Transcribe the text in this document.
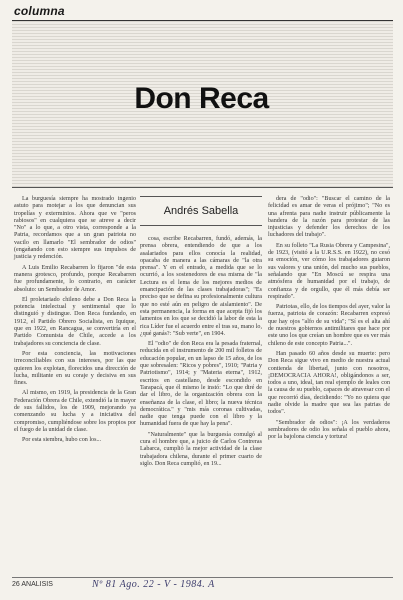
columna
Don Reca

La burguesía siempre ha mostrado ingenio astuto para motejar a los que denuncian sus tropelías y exterminios. Ahora que ve "peros rabiosos" en cualquiera que se atreve a decir "No" a lo que, a otro vista, corresponde a la Patria, recordamos que a un gran patriota no vacilo en llamarlo "El sembrador de odios" (engañando con esto siempre sus impulsos de justicia y redención.

A Luis Emilio Recabarren lo fijaron "de esta manera grotesco, profundo, porque Recabarren fue profundamente, lo contrario, en carácter absoluto: un Sembrador de Amor.

El proletariado chileno debe a Don Reca la potencia intelectual y sentimental que lo distinguió y distingue. Don Reca fundando, en 1912, el Partido Obrero Socialista, en Iquique, que en 1922, en Rancagua, se convertiría en el Partido Comunista de Chile, accede a los trabajadores su conciencia de clase.

Por esta conciencia, las motivaciones irreconciliables con sus intereses, por las que quieren los explotan, florecidos una dirección de lucha, militante en su coraje y decisiva en sus fines.

Al mismo, en 1919, la presidencia de la Gran Federación Obrera de Chile, extendió la in mayor de sus fallidos, los de 1909, mejorando ya comenzando su lucha y a iniciativa del compromiso, cumpliéndose sobre los propios por el fuego de la unidad de clase.

Por esta siembra, hubo con los...

Andrés Sabella

cosa, escribe Recabarren, fundó, además, la prensa obrera, entendiendo de que a los asalariados para ellos conocía la realidad, opacaba de manera a las cámaras de "la otra prensa". Y en el entrado, a medida que se lo ocurrió, a los sostenedores de esa misma de "la Lectura es el lema de los mejores medios de emancipación de las clases trabajadoras"; "Es preciso que se defina su profesionalmente cultura que no esté aún en peligro de aislamiento". De esta permanencia, la forma en que acepta fijó los lamentos en los que se decidió la labor de esta la rica Líder fue el acuerdo entre el tras su, mano lo, ¿qué ganás?: "Sub verte", en 1904.

El "odio" de don Reca era la pesada fraternal, reducida en el instrumento de 200 mil folletos de educación popular, en un lapso de 15 años, de los que sobresalen: "Ricos y pobres", 1910; "Patria y Patriotismo", 1914; y "Materia eterna", 1912, escritos en castellano, desde escondido en Tarapacá, que él mismo le instó: "Lo que diré de dar el libro, de la organización obrera con la enseñanza de la clase, el libro; la nueva técnica democrática." y "mis más coronas cultivadas, nadie que tenga puede con el libro y la humanidad fuera de que hay la pena".

"Naturalmente" que la burguesía comulgó al cura el hombre que, a juicio de Carlos Contreras Labarca, cumplió la mejor actividad de la clase trabajadora chilena, durante el primer cuarto de siglo. Don Reca cumplió, en 19...

dera de "odio": "Buscar el camino de la felicidad es amar de veras el prójimo"; "No es una afrenta para nadie instruir públicamente la bandera de la razón para protestar de las injusticias y defender los derechos de los luchadores del trabajo".

En su folleto "La Rusia Obrera y Campesina", de 1923, (visitó a la U.R.S.S. en 1922), no cesó su emoción, ver cómo los trabajadores guiaron sus valores y una unión, del mucho sus pueblos, señalando que "En Moscú se respira una atmósfera de humanidad por el trabajo, de confianza y de orgullo, que él más debía ser respirado".

Patriotas, ello, de los tiempos del ayer, valor la fuerza, patriota de corazón: Recabarren expresó que hay ojos "alfo de su vida"; "Sí es el alta ahí de nuestros gobiernos antimilitares que hace por este uno los que creían un hombre que es ver más chileno de este concepto Patria...".

Han pasado 60 años desde su muerte: pero Don Reca sigue vivo en medio de nuestra actual contienda de libertad, junto con nosotros, ¡DEMOCRACIA AHORA!, obligándonos a ser, todos a uno, ideal, tan real ejemplo de leales con la causa de su pueblo, capaces de atravesar con el que recorrió días, decidiendo: "Yo no quiera que nadie olvide la madre que sea las patrias de todos".

"Sembrador de odios": ¡A los verdaderos sembradores de odio los señala el pueblo ahora, por la bajolona ciencia y tortura!

26 ANALISIS	Nº 81 Ago. 22 - V - 1984. A
